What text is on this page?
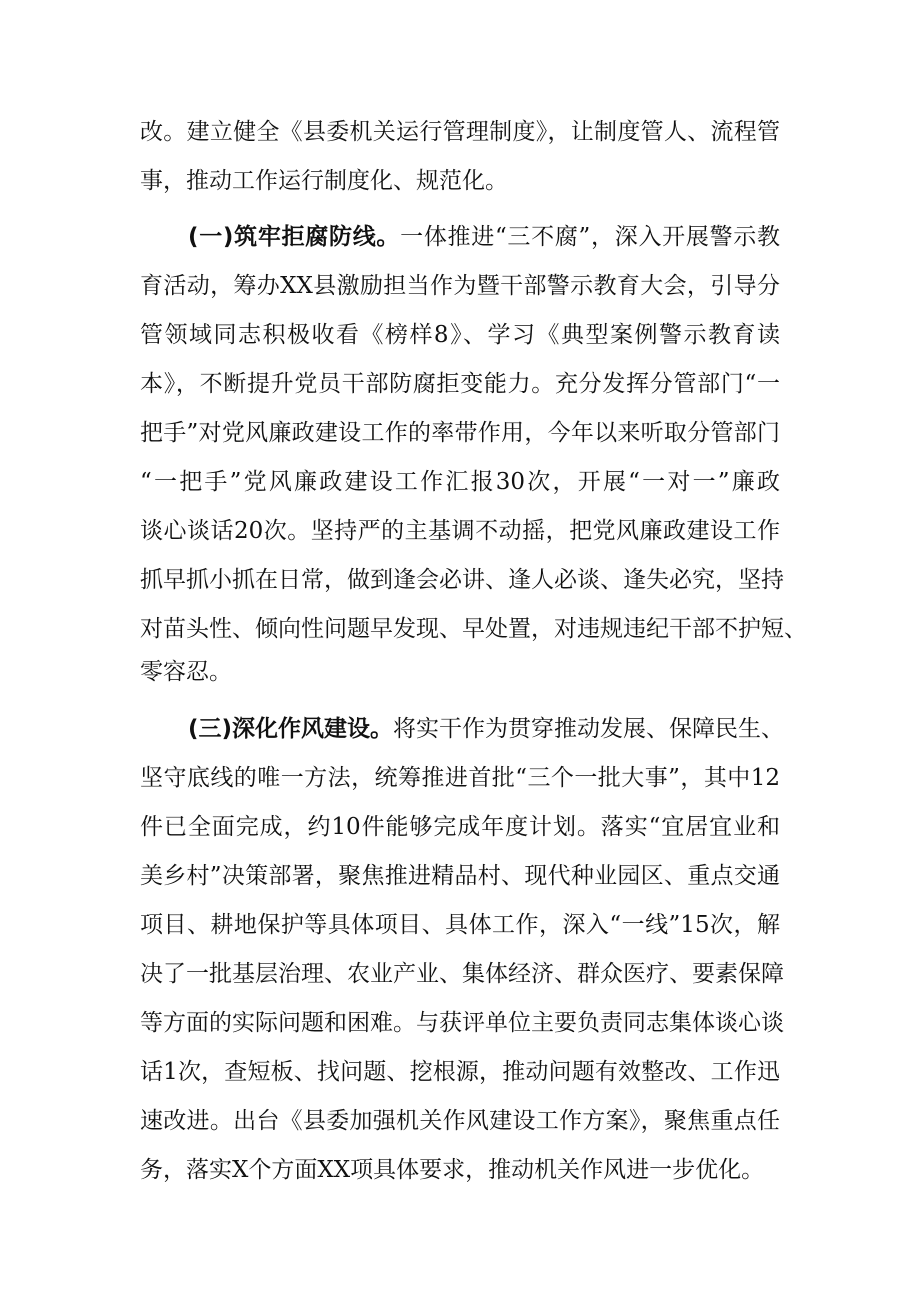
改。建立健全《县委机关运行管理制度》，让制度管人、流程管
事，推动工作运行制度化、规范化。
(一)筑牢拒腐防线。一体推进“三不腐”，深入开展警示教
育活动，筹办XX县激励担当作为暨干部警示教育大会，引导分
管领域同志积极收看《榜样8》、学习《典型案例警示教育读
本》，不断提升党员干部防腐拒变能力。充分发挥分管部门“一
把手”对党风廉政建设工作的率带作用，今年以来听取分管部门
“一把手”党风廉政建设工作汇报30次，开展“一对一”廉政
谈心谈话20次。坚持严的主基调不动摇，把党风廉政建设工作
抓早抓小抓在日常，做到逢会必讲、逢人必谈、逢失必究，坚持
对苗头性、倾向性问题早发现、早处置，对违规违纪干部不护短、
零容忍。
(三)深化作风建设。将实干作为贯穿推动发展、保障民生、
坚守底线的唯一方法，统筹推进首批“三个一批大事”，其中12
件已全面完成，约10件能够完成年度计划。落实“宜居宜业和
美乡村”决策部署，聚焦推进精品村、现代种业园区、重点交通
项目、耕地保护等具体项目、具体工作，深入“一线”15次，解
决了一批基层治理、农业产业、集体经济、群众医疗、要素保障
等方面的实际问题和困难。与获评单位主要负责同志集体谈心谈
话1次，查短板、找问题、挖根源，推动问题有效整改、工作迅
速改进。出台《县委加强机关作风建设工作方案》，聚焦重点任
务，落实X个方面XX项具体要求，推动机关作风进一步优化。
